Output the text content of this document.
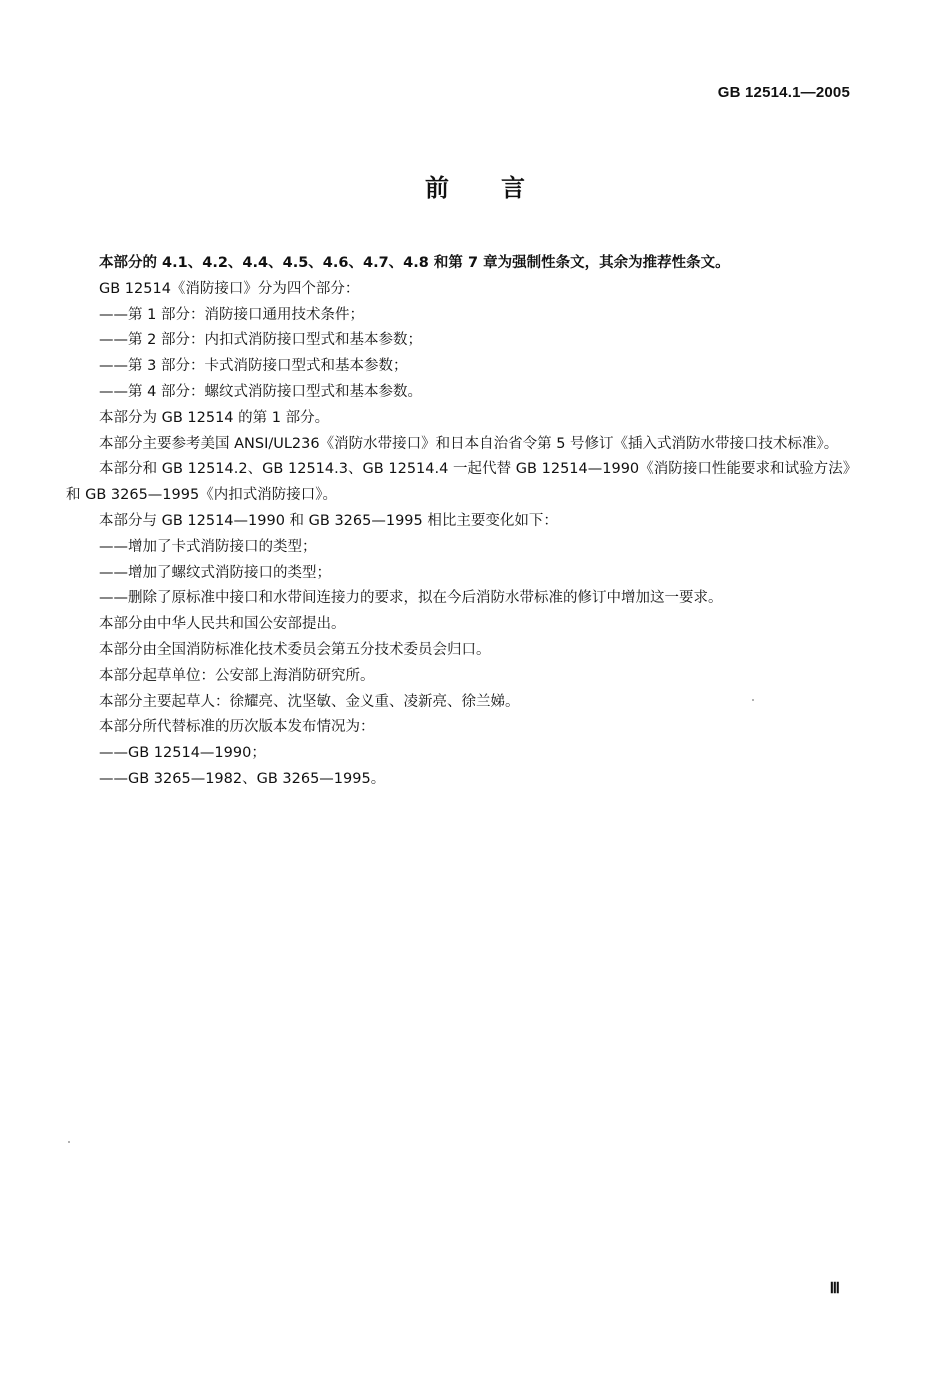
GB 12514.1—2005
前言

本部分的 4.1、4.2、4.4、4.5、4.6、4.7、4.8 和第 7 章为强制性条文，其余为推荐性条文。

GB 12514《消防接口》分为四个部分：

——第 1 部分：消防接口通用技术条件；

——第 2 部分：内扣式消防接口型式和基本参数；

——第 3 部分：卡式消防接口型式和基本参数；

——第 4 部分：螺纹式消防接口型式和基本参数。

本部分为 GB 12514 的第 1 部分。

本部分主要参考美国 ANSI/UL236《消防水带接口》和日本自治省令第 5 号修订《插入式消防水带接口技术标准》。

本部分和 GB 12514.2、GB 12514.3、GB 12514.4 一起代替 GB 12514—1990《消防接口性能要求和试验方法》和 GB 3265—1995《内扣式消防接口》。

本部分与 GB 12514—1990 和 GB 3265—1995 相比主要变化如下：

——增加了卡式消防接口的类型；

——增加了螺纹式消防接口的类型；

——删除了原标准中接口和水带间连接力的要求，拟在今后消防水带标准的修订中增加这一要求。

本部分由中华人民共和国公安部提出。

本部分由全国消防标准化技术委员会第五分技术委员会归口。

本部分起草单位：公安部上海消防研究所。

本部分主要起草人：徐耀亮、沈坚敏、金义重、凌新亮、徐兰娣。

本部分所代替标准的历次版本发布情况为：

——GB 12514—1990；

——GB 3265—1982、GB 3265—1995。

Ⅲ
